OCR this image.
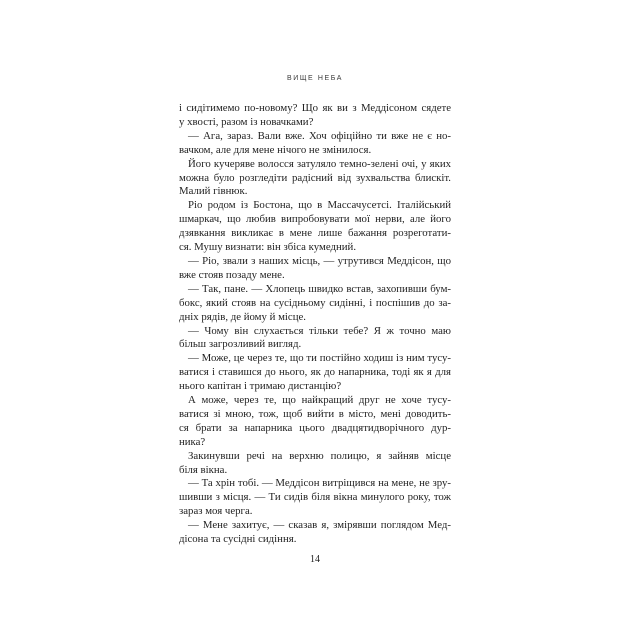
ВИЩЕ НЕБА
і сидітимемо по-новому? Що як ви з Меддісоном сядете
у хвості, разом із новачками?
— Ага, зараз. Вали вже. Хоч офіційно ти вже не є но-
вачком, але для мене нічого не змінилося.
Його кучеряве волосся затуляло темно-зелені очі, у яких
можна було розгледіти радісний від зухвальства блискіт.
Малий гівнюк.
Ріо родом із Бостона, що в Массачусетсі. Італійський
шмаркач, що любив випробовувати мої нерви, але його
дзявкання викликає в мене лише бажання розреготати-
ся. Мушу визнати: він збіса кумедний.
— Ріо, звали з наших місць, — утрутився Меддісон, що
вже стояв позаду мене.
— Так, пане. — Хлопець швидко встав, захопивши бум-
бокс, який стояв на сусідньому сидінні, і поспішив до за-
дніх рядів, де йому й місце.
— Чому він слухається тільки тебе? Я ж точно маю
більш загрозливий вигляд.
— Може, це через те, що ти постійно ходиш із ним тусу-
ватися і ставишся до нього, як до напарника, тоді як я для
нього капітан і тримаю дистанцію?
А може, через те, що найкращий друг не хоче тусу-
ватися зі мною, тож, щоб вийти в місто, мені доводить-
ся брати за напарника цього двадцятидворічного дур-
ника?
Закинувши речі на верхню полицю, я зайняв місце
біля вікна.
— Та хрін тобі. — Меддісон витріщився на мене, не зру-
шивши з місця. — Ти сидів біля вікна минулого року, тож
зараз моя черга.
— Мене захитує, — сказав я, змірявши поглядом Мед-
дісона та сусідні сидіння.
14
